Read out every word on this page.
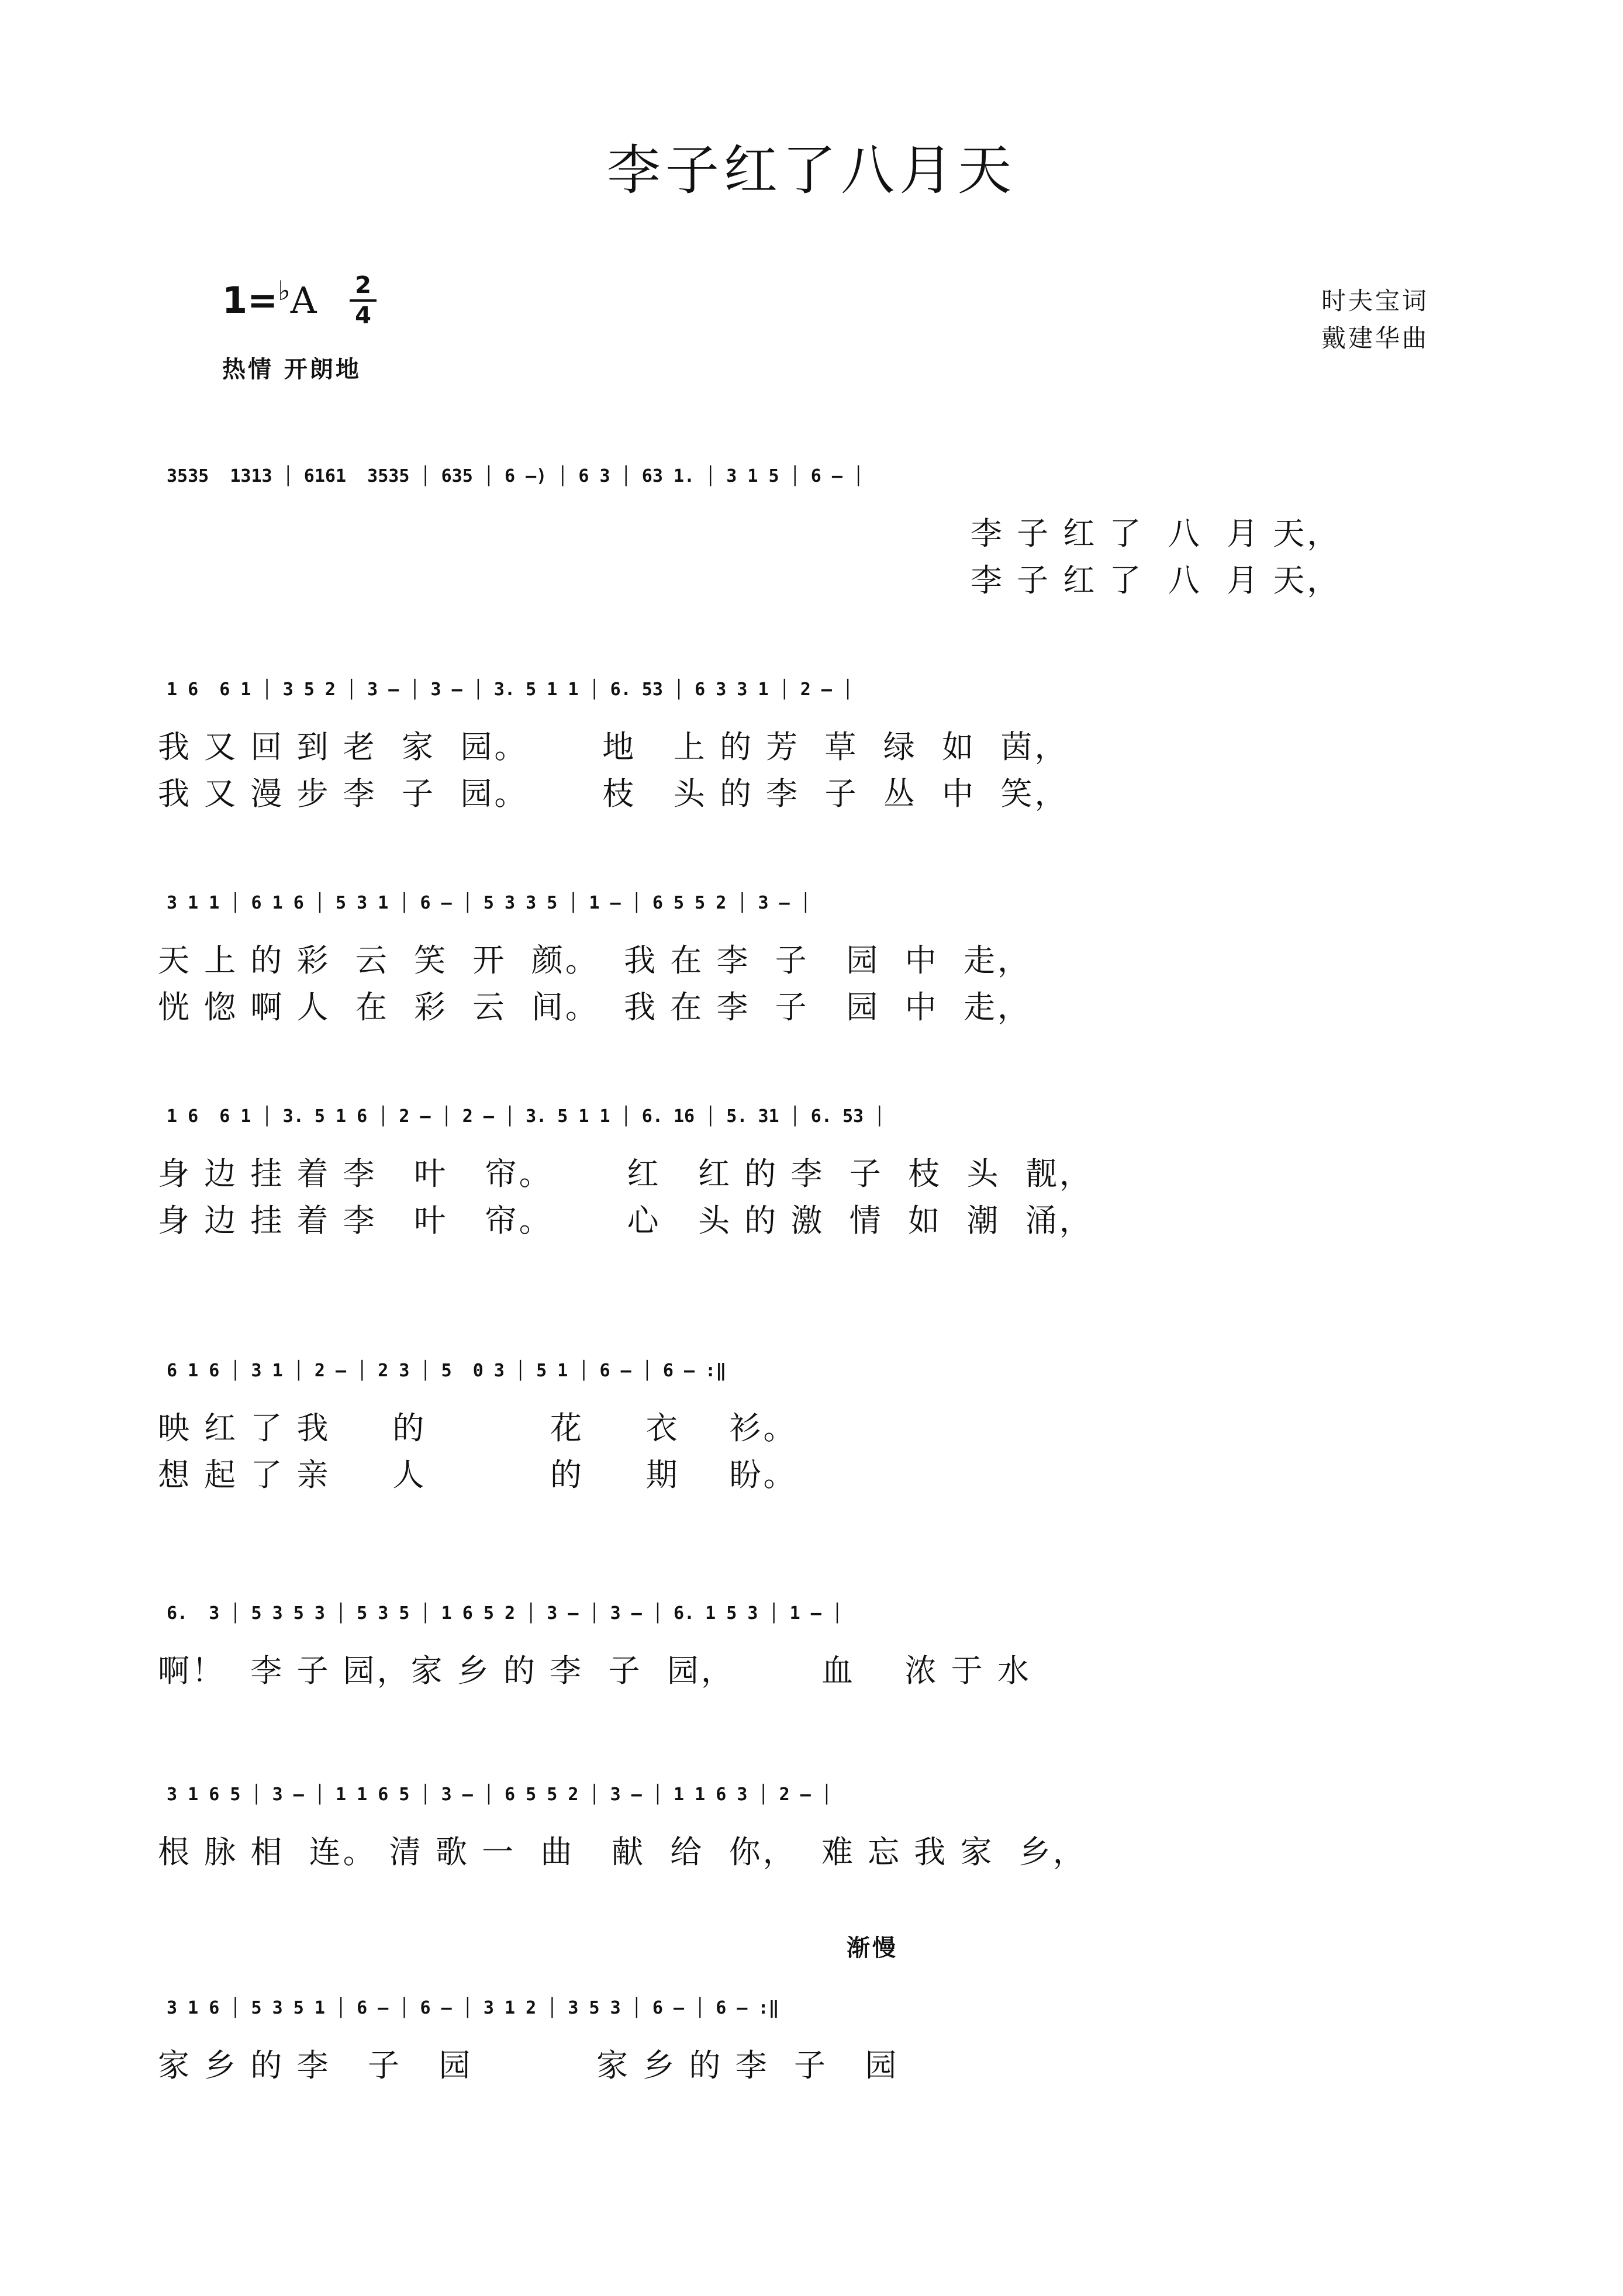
李子红了八月天
1=♭A 2
4
热情 开朗地
时夫宝词
戴建华曲
渐慢
3535  1313 │ 6161  3535 │ 635 │ 6 –) │ 6 3 │ 63 1. │ 3 1 5 │ 6 – │
李 子 红 了  八  月 天，
李 子 红 了  八  月 天，
1 6  6 1 │ 3 5 2 │ 3 – │ 3 – │ 3. 5 1 1 │ 6. 53 │ 6 3 3 1 │ 2 – │
我 又 回 到 老  家  园。      地   上 的 芳  草  绿  如  茵，
我 又 漫 步 李  子  园。      枝   头 的 李  子  丛  中  笑，
3 1 1 │ 6 1 6 │ 5 3 1 │ 6 – │ 5 3 3 5 │ 1 – │ 6 5 5 2 │ 3 – │
天 上 的 彩  云  笑  开  颜。  我 在 李  子   园  中  走，
恍 惚 啊 人  在  彩  云  间。  我 在 李  子   园  中  走，
1 6  6 1 │ 3. 5 1 6 │ 2 – │ 2 – │ 3. 5 1 1 │ 6. 16 │ 5. 31 │ 6. 53 │
身 边 挂 着 李   叶   帘。      红   红 的 李  子  枝  头  靓，
身 边 挂 着 李   叶   帘。      心   头 的 激  情  如  潮  涌，
6 1 6 │ 3 1 │ 2 – │ 2 3 │ 5  0 3 │ 5 1 │ 6 – │ 6 – :‖
映 红 了 我     的          花     衣    衫。
想 起 了 亲     人          的     期    盼。
6.  3 │ 5 3 5 3 │ 5 3 5 │ 1 6 5 2 │ 3 – │ 3 – │ 6. 1 5 3 │ 1 – │
啊！  李 子 园，家 乡 的 李  子  园，       血    浓 于 水
3 1 6 5 │ 3 – │ 1 1 6 5 │ 3 – │ 6 5 5 2 │ 3 – │ 1 1 6 3 │ 2 – │
根 脉 相  连。 清 歌 一  曲   献  给  你，  难 忘 我 家  乡，
3 1 6 │ 5 3 5 1 │ 6 – │ 6 – │ 3 1 2 │ 3 5 3 │ 6 – │ 6 – :‖
家 乡 的 李   子   园          家 乡 的 李  子   园
